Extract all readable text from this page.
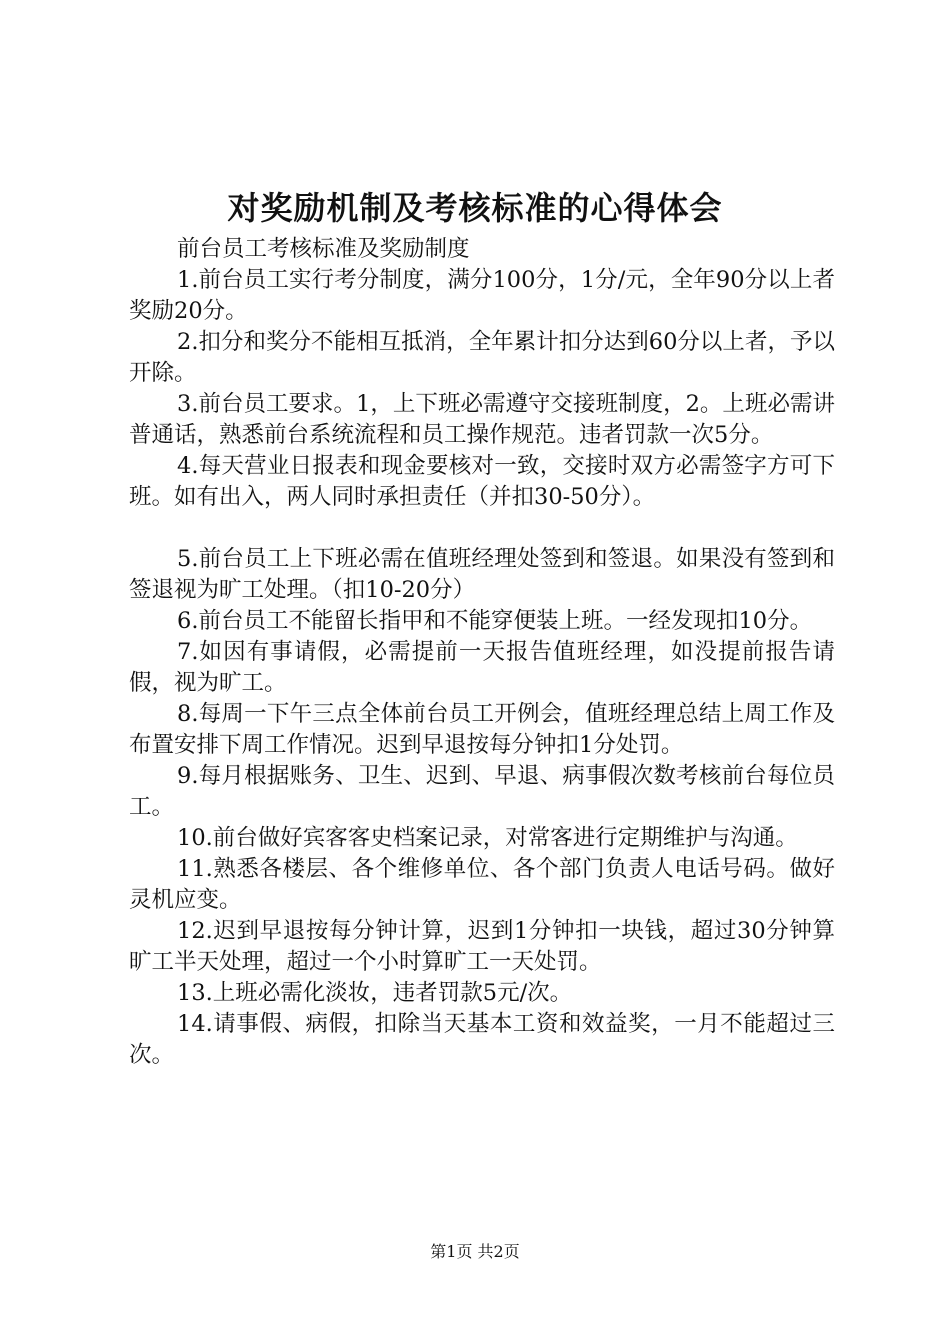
对奖励机制及考核标准的心得体会

前台员工考核标准及奖励制度

1.前台员工实行考分制度，满分100分，1分/元，全年90分以上者奖励20分。

2.扣分和奖分不能相互抵消，全年累计扣分达到60分以上者，予以开除。

3.前台员工要求。1，上下班必需遵守交接班制度，2。上班必需讲普通话，熟悉前台系统流程和员工操作规范。违者罚款一次5分。

4.每天营业日报表和现金要核对一致，交接时双方必需签字方可下班。如有出入，两人同时承担责任（并扣30-50分）。

5.前台员工上下班必需在值班经理处签到和签退。如果没有签到和签退视为旷工处理。（扣10-20分）

6.前台员工不能留长指甲和不能穿便装上班。一经发现扣10分。

7.如因有事请假，必需提前一天报告值班经理，如没提前报告请假，视为旷工。

8.每周一下午三点全体前台员工开例会，值班经理总结上周工作及布置安排下周工作情况。迟到早退按每分钟扣1分处罚。

9.每月根据账务、卫生、迟到、早退、病事假次数考核前台每位员工。

10.前台做好宾客客史档案记录，对常客进行定期维护与沟通。

11.熟悉各楼层、各个维修单位、各个部门负责人电话号码。做好灵机应变。

12.迟到早退按每分钟计算，迟到1分钟扣一块钱，超过30分钟算旷工半天处理，超过一个小时算旷工一天处罚。

13.上班必需化淡妆，违者罚款5元/次。

14.请事假、病假，扣除当天基本工资和效益奖，一月不能超过三次。

第1页 共2页
